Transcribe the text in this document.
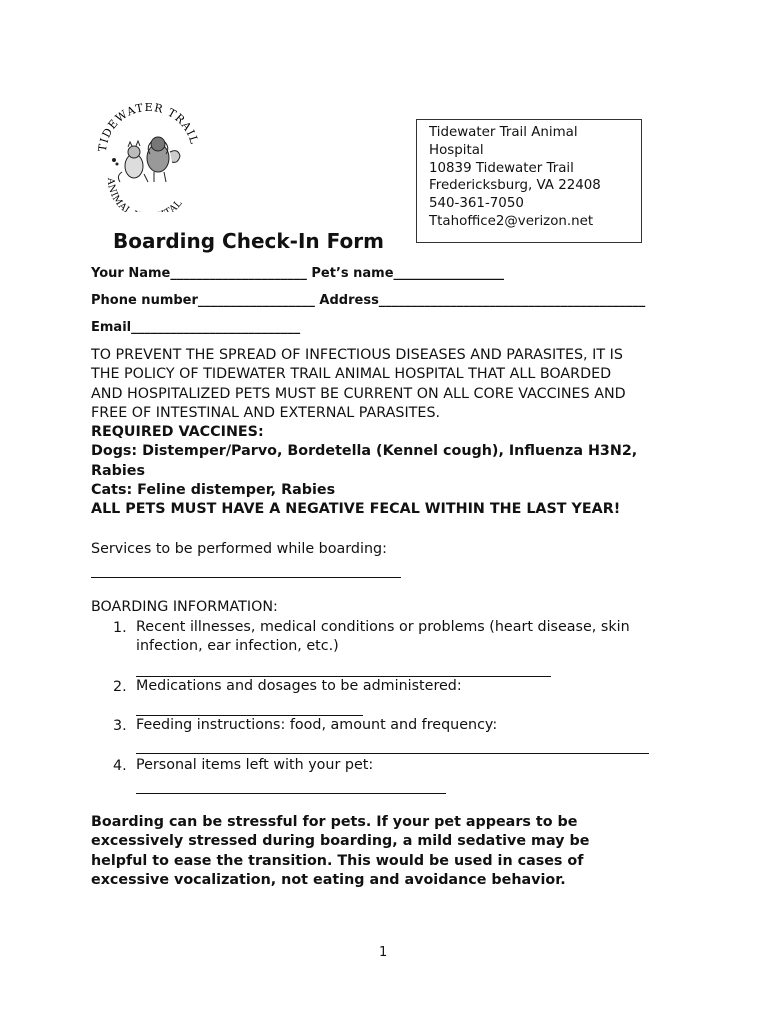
TIDEWATER TRAIL
ANIMAL AL
Tidewater Trail Animal
Hospital
10839 Tidewater Trail
Fredericksburg, VA 22408
540-361-7050
Ttahoffice2@verizon.net
Boarding Check-In Form
Your Name_____________________ Pet’s name_________________
Phone number__________________ Address_________________________________________
Email__________________________
TO PREVENT THE SPREAD OF INFECTIOUS DISEASES AND PARASITES, IT IS
THE POLICY OF TIDEWATER TRAIL ANIMAL HOSPITAL THAT ALL BOARDED
AND HOSPITALIZED PETS MUST BE CURRENT ON ALL CORE VACCINES AND
FREE OF INTESTINAL AND EXTERNAL PARASITES.
REQUIRED VACCINES:
Dogs: Distemper/Parvo, Bordetella (Kennel cough), Influenza H3N2,
Rabies
Cats: Feline distemper, Rabies
ALL PETS MUST HAVE A NEGATIVE FECAL WITHIN THE LAST YEAR!
Services to be performed while boarding:
BOARDING INFORMATION:
1. Recent illnesses, medical conditions or problems (heart disease, skin
infection, ear infection, etc.)
2. Medications and dosages to be administered:
3. Feeding instructions: food, amount and frequency:
4. Personal items left with your pet:
Boarding can be stressful for pets. If your pet appears to be
excessively stressed during boarding, a mild sedative may be
helpful to ease the transition. This would be used in cases of
excessive vocalization, not eating and avoidance behavior.
1
